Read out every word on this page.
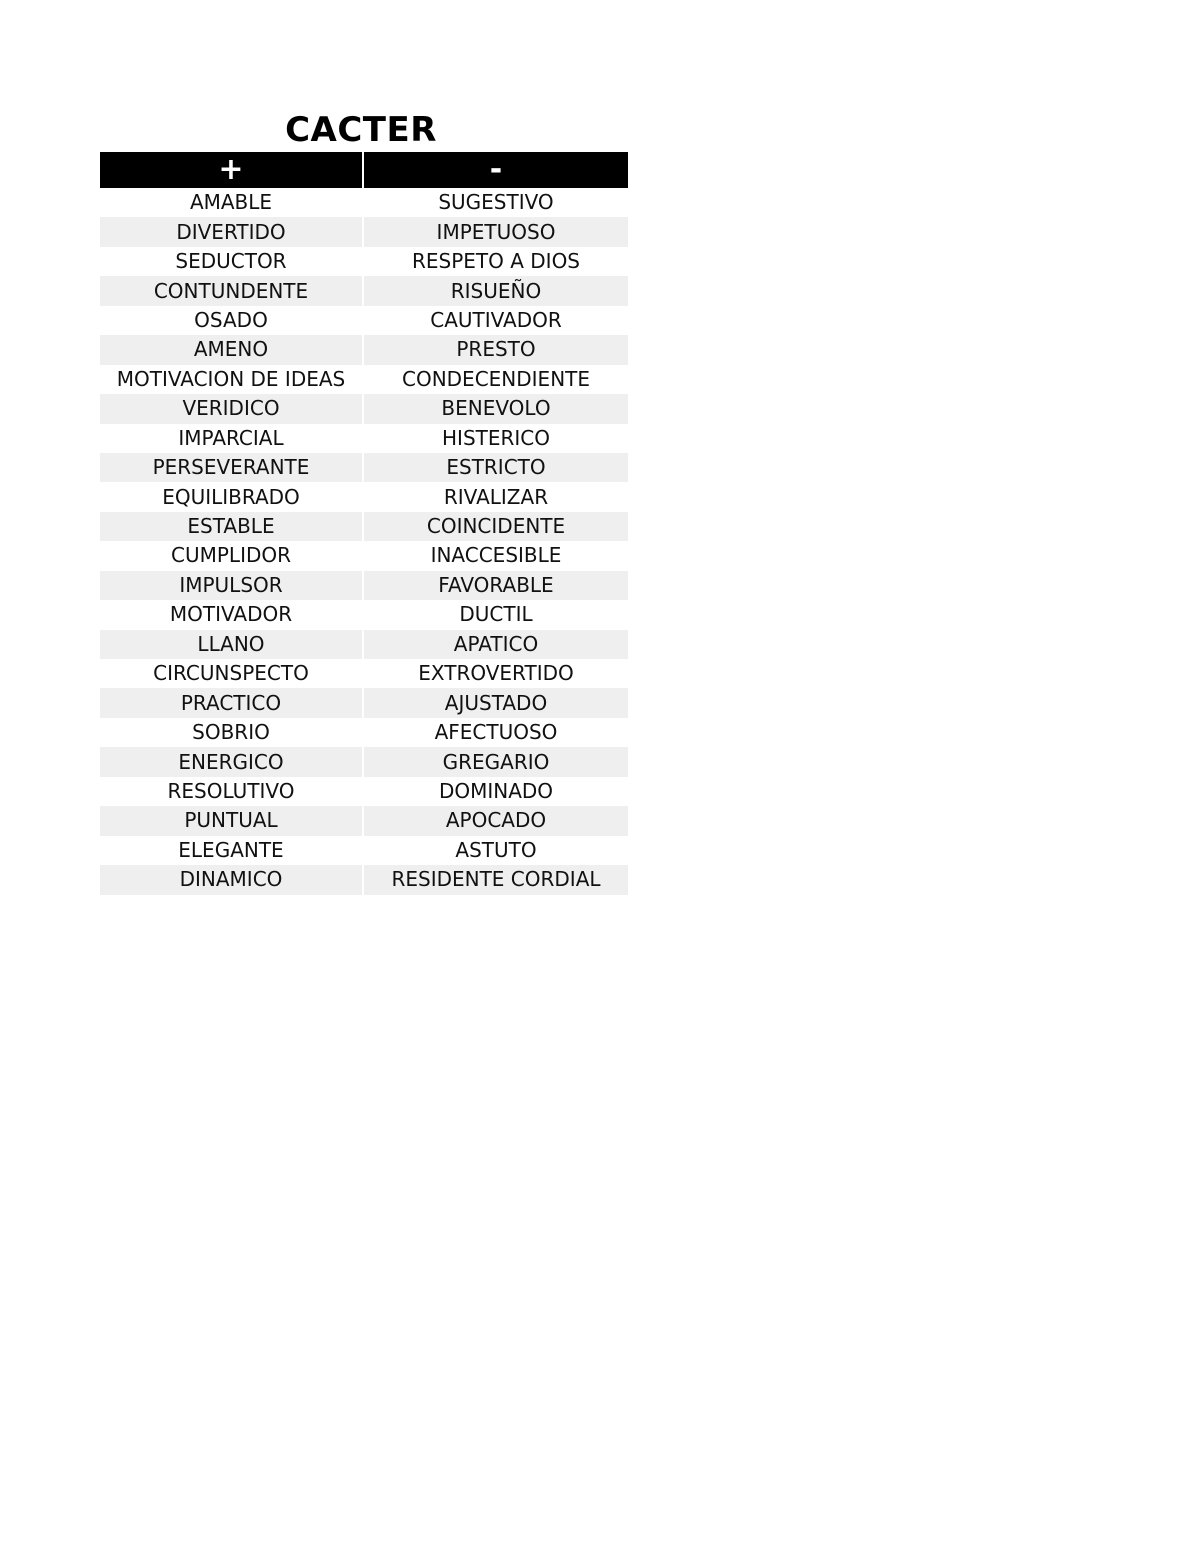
CACTER
+	-
AMABLE	SUGESTIVO
DIVERTIDO	IMPETUOSO
SEDUCTOR	RESPETO A DIOS
CONTUNDENTE	RISUEÑO
OSADO	CAUTIVADOR
AMENO	PRESTO
MOTIVACION DE IDEAS	CONDECENDIENTE
VERIDICO	BENEVOLO
IMPARCIAL	HISTERICO
PERSEVERANTE	ESTRICTO
EQUILIBRADO	RIVALIZAR
ESTABLE	COINCIDENTE
CUMPLIDOR	INACCESIBLE
IMPULSOR	FAVORABLE
MOTIVADOR	DUCTIL
LLANO	APATICO
CIRCUNSPECTO	EXTROVERTIDO
PRACTICO	AJUSTADO
SOBRIO	AFECTUOSO
ENERGICO	GREGARIO
RESOLUTIVO	DOMINADO
PUNTUAL	APOCADO
ELEGANTE	ASTUTO
DINAMICO	RESIDENTE CORDIAL
